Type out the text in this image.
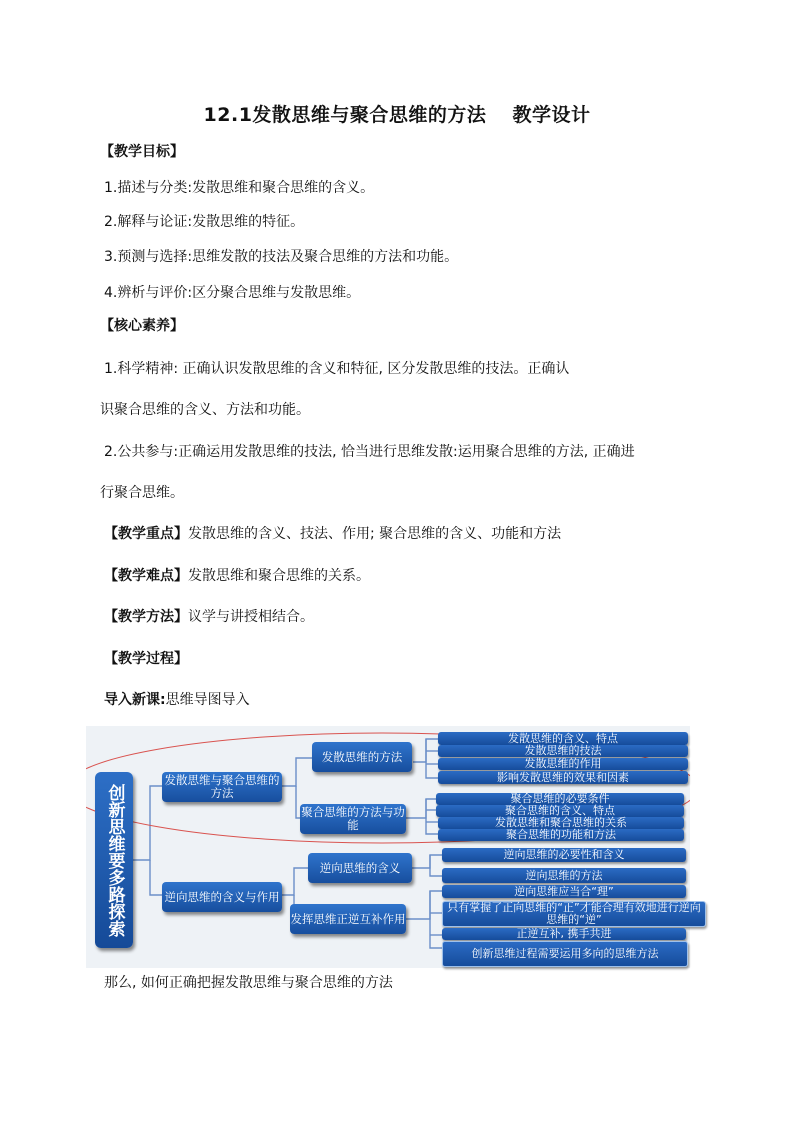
12.1发散思维与聚合思维的方法 教学设计
【教学目标】
1.描述与分类:发散思维和聚合思维的含义。
2.解释与论证:发散思维的特征。
3.预测与选择:思维发散的技法及聚合思维的方法和功能。
4.辨析与评价:区分聚合思维与发散思维。
【核心素养】
1.科学精神: 正确认识发散思维的含义和特征, 区分发散思维的技法。正确认
识聚合思维的含义、方法和功能。
2.公共参与:正确运用发散思维的技法, 恰当进行思维发散:运用聚合思维的方法, 正确进
行聚合思维。
【教学重点】发散思维的含义、技法、作用; 聚合思维的含义、功能和方法
【教学难点】发散思维和聚合思维的关系。
【教学方法】议学与讲授相结合。
【教学过程】
导入新课:思维导图导入
创新思维要多路探索
发散思维与聚合思维的方法
逆向思维的含义与作用
发散思维的方法
聚合思维的方法与功能
逆向思维的含义
发挥思维正逆互补作用
发散思维的含义、特点
发散思维的技法
发散思维的作用
影响发散思维的效果和因素
聚合思维的必要条件
聚合思维的含义、特点
发散思维和聚合思维的关系
聚合思维的功能和方法
逆向思维的必要性和含义
逆向思维的方法
逆向思维应当合“理”
只有掌握了正向思维的“正”才能合理有效地进行逆向思维的“逆”
正逆互补, 携手共进
创新思维过程需要运用多向的思维方法
那么, 如何正确把握发散思维与聚合思维的方法
